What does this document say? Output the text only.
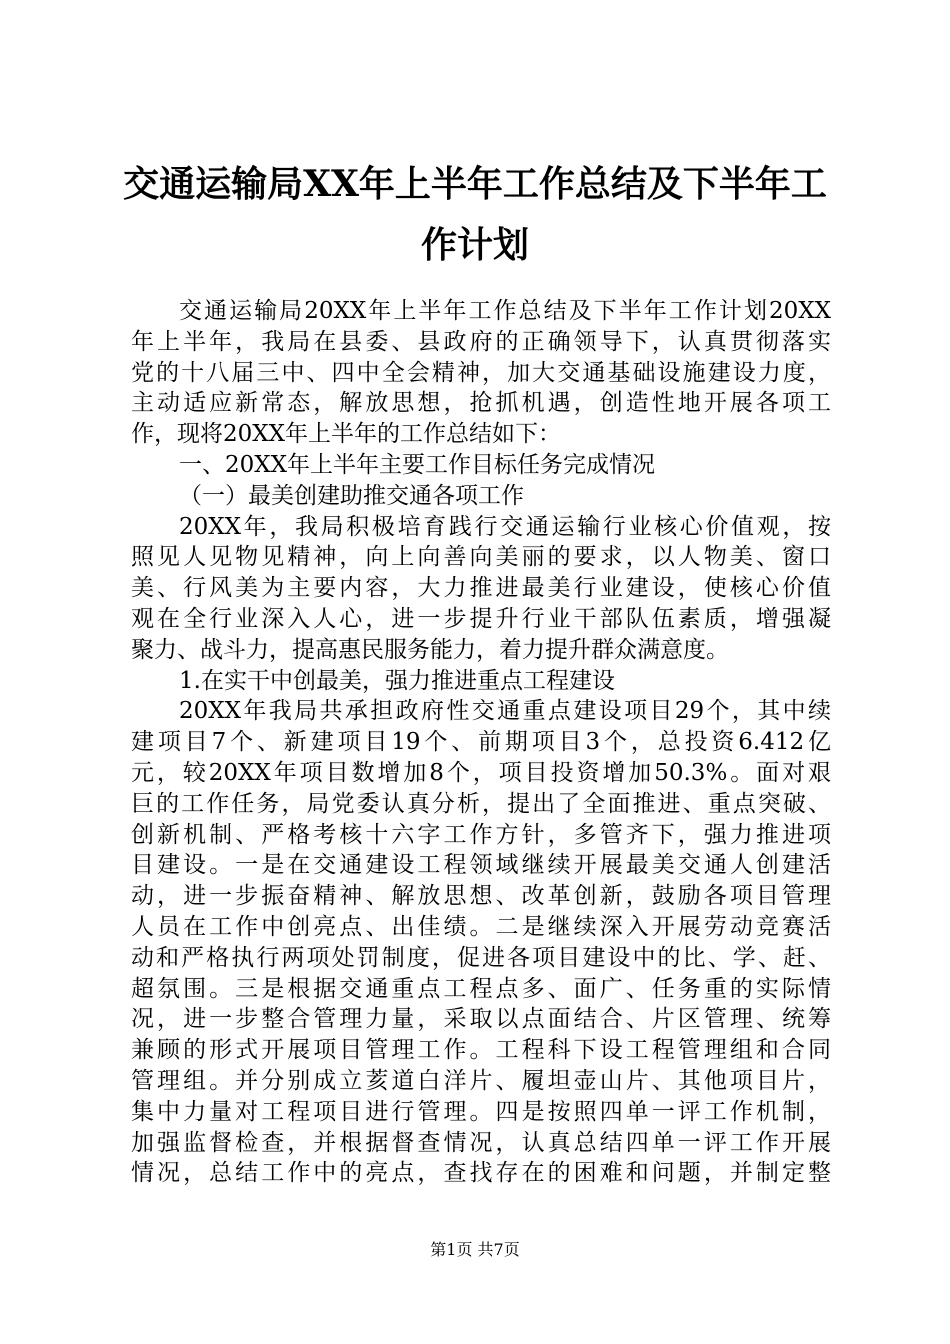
交通运输局XX年上半年工作总结及下半年工
作计划
交通运输局20XX年上半年工作总结及下半年工作计划20XX
年上半年，我局在县委、县政府的正确领导下，认真贯彻落实
党的十八届三中、四中全会精神，加大交通基础设施建设力度，
主动适应新常态，解放思想，抢抓机遇，创造性地开展各项工
作，现将20XX年上半年的工作总结如下：
一、20XX年上半年主要工作目标任务完成情况
（一）最美创建助推交通各项工作
20XX年，我局积极培育践行交通运输行业核心价值观，按
照见人见物见精神，向上向善向美丽的要求，以人物美、窗口
美、行风美为主要内容，大力推进最美行业建设，使核心价值
观在全行业深入人心，进一步提升行业干部队伍素质，增强凝
聚力、战斗力，提高惠民服务能力，着力提升群众满意度。
1.在实干中创最美，强力推进重点工程建设
20XX年我局共承担政府性交通重点建设项目29个，其中续
建项目7个、新建项目19个、前期项目3个，总投资6.412亿
元，较20XX年项目数增加8个，项目投资增加50.3%。面对艰
巨的工作任务，局党委认真分析，提出了全面推进、重点突破、
创新机制、严格考核十六字工作方针，多管齐下，强力推进项
目建设。一是在交通建设工程领域继续开展最美交通人创建活
动，进一步振奋精神、解放思想、改革创新，鼓励各项目管理
人员在工作中创亮点、出佳绩。二是继续深入开展劳动竞赛活
动和严格执行两项处罚制度，促进各项目建设中的比、学、赶、
超氛围。三是根据交通重点工程点多、面广、任务重的实际情
况，进一步整合管理力量，采取以点面结合、片区管理、统筹
兼顾的形式开展项目管理工作。工程科下设工程管理组和合同
管理组。并分别成立荄道白洋片、履坦壶山片、其他项目片，
集中力量对工程项目进行管理。四是按照四单一评工作机制，
加强监督检查，并根据督查情况，认真总结四单一评工作开展
情况，总结工作中的亮点，查找存在的困难和问题，并制定整
第1页 共7页
